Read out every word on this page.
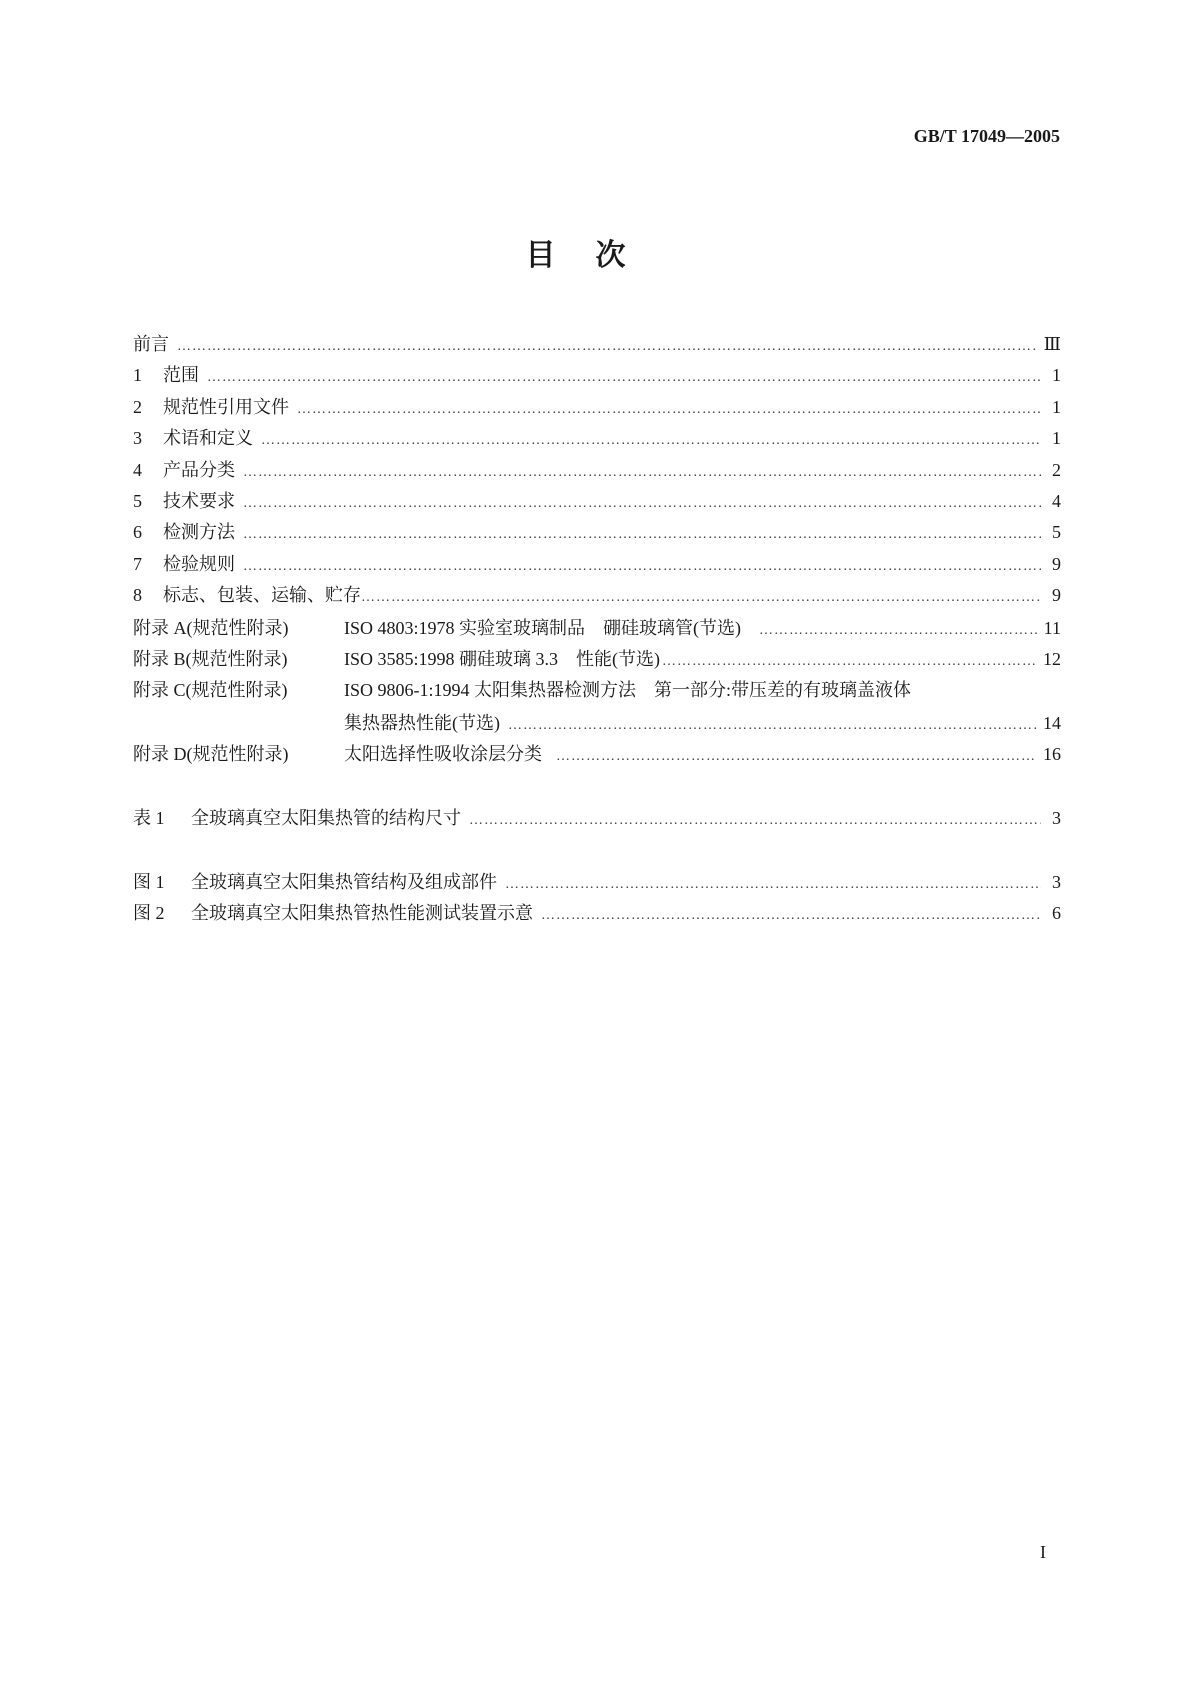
GB/T 17049—2005
目次
前言 …………………………………………………………………………………………………………………………………………………………………………………………………………………………………………………………	Ⅲ
1	范围 …………………………………………………………………………………………………………………………………………………………………………………………………………………………………………………………	1
2	规范性引用文件 …………………………………………………………………………………………………………………………………………………………………………………………………………………………………………………………	1
3	术语和定义 …………………………………………………………………………………………………………………………………………………………………………………………………………………………………………………………	1
4	产品分类 …………………………………………………………………………………………………………………………………………………………………………………………………………………………………………………………	2
5	技术要求 …………………………………………………………………………………………………………………………………………………………………………………………………………………………………………………………	4
6	检测方法 …………………………………………………………………………………………………………………………………………………………………………………………………………………………………………………………	5
7	检验规则 …………………………………………………………………………………………………………………………………………………………………………………………………………………………………………………………	9
8	标志、包装、运输、贮存 …………………………………………………………………………………………………………………………………………………………………………………………………………………………………………………………	9
附录 A(规范性附录)	ISO 4803:1978 实验室玻璃制品　硼硅玻璃管(节选) …………………………………………………………………………………………………………………………………………………………………………………………………………………………………………………………	11
附录 B(规范性附录)	ISO 3585:1998 硼硅玻璃 3.3　性能(节选) …………………………………………………………………………………………………………………………………………………………………………………………………………………………………………………………	12
附录 C(规范性附录)	ISO 9806-1:1994 太阳集热器检测方法　第一部分:带压差的有玻璃盖液体
集热器热性能(节选) …………………………………………………………………………………………………………………………………………………………………………………………………………………………………………………………	14
附录 D(规范性附录)	太阳选择性吸收涂层分类 …………………………………………………………………………………………………………………………………………………………………………………………………………………………………………………………	16
表 1	全玻璃真空太阳集热管的结构尺寸 …………………………………………………………………………………………………………………………………………………………………………………………………………………………………………………………	3
图 1	全玻璃真空太阳集热管结构及组成部件 …………………………………………………………………………………………………………………………………………………………………………………………………………………………………………………………	3
图 2	全玻璃真空太阳集热管热性能测试装置示意 …………………………………………………………………………………………………………………………………………………………………………………………………………………………………………………………	6
I
